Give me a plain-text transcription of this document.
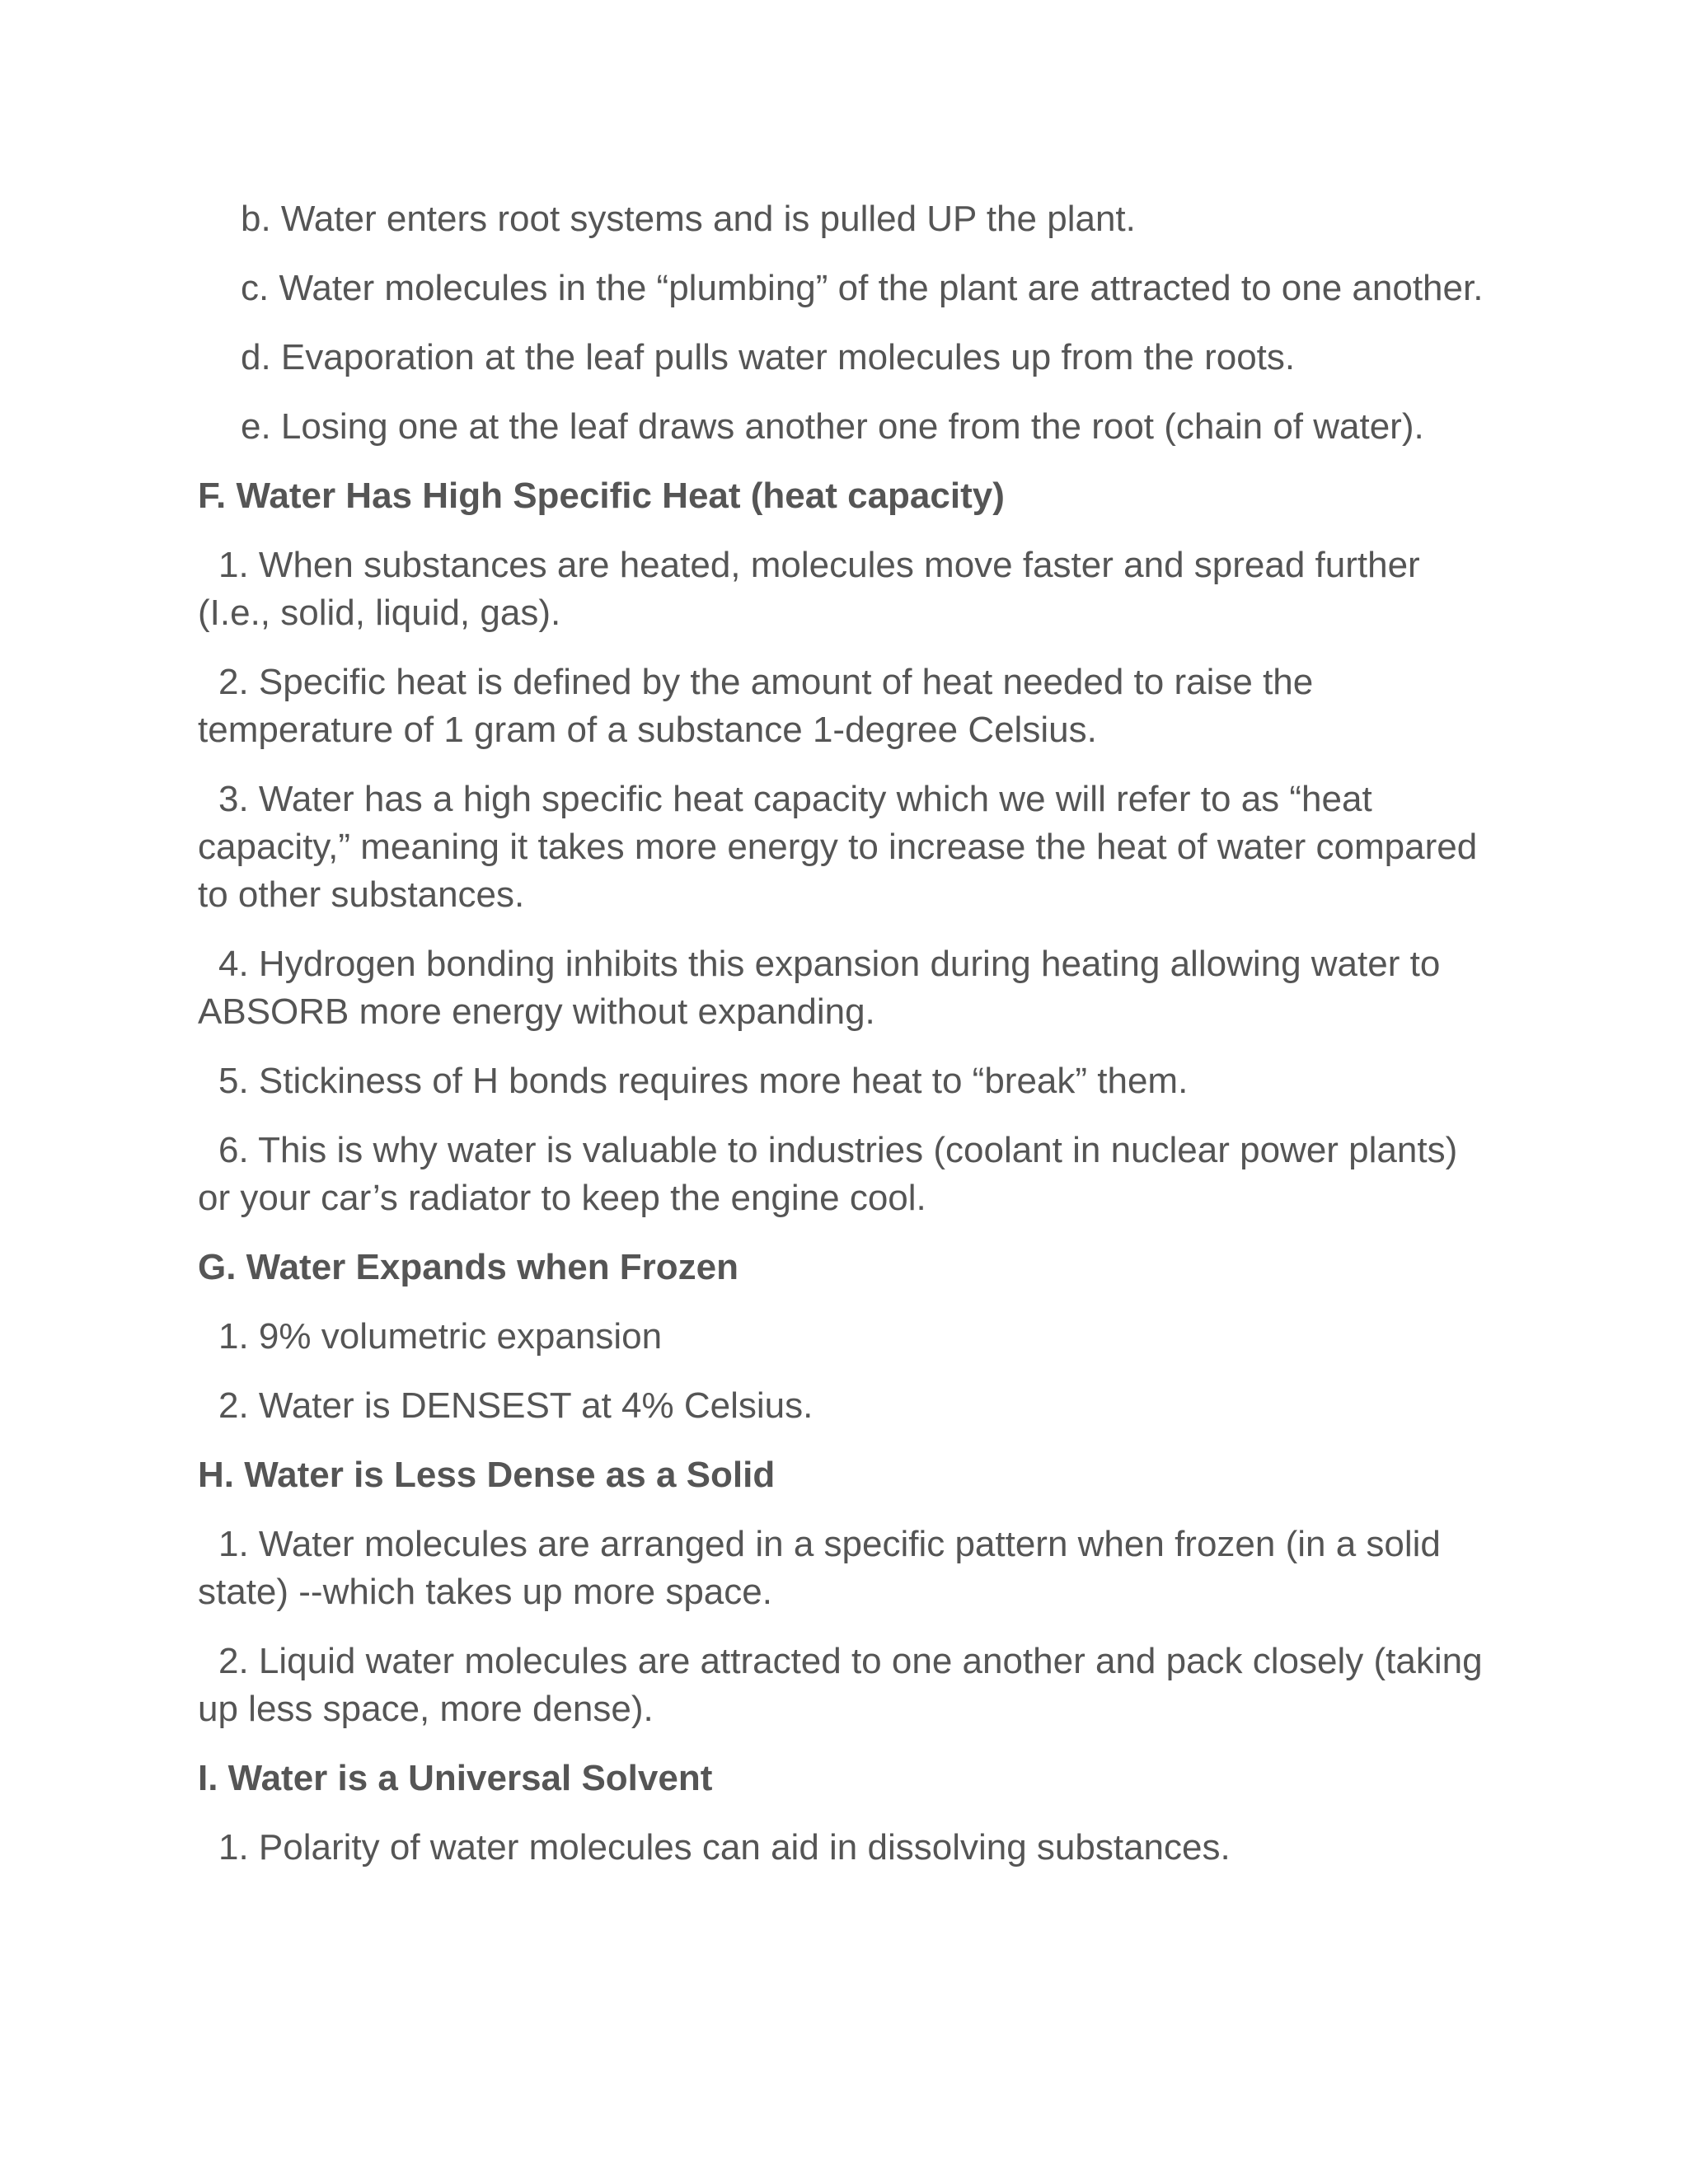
b. Water enters root systems and is pulled UP the plant.

c. Water molecules in the “plumbing” of the plant are attracted to one another.

d. Evaporation at the leaf pulls water molecules up from the roots.

e. Losing one at the leaf draws another one from the root (chain of water).

F. Water Has High Specific Heat (heat capacity)

1. When substances are heated, molecules move faster and spread further (I.e., solid, liquid, gas).

2. Specific heat is defined by the amount of heat needed to raise the temperature of 1 gram of a substance 1-degree Celsius.

3. Water has a high specific heat capacity which we will refer to as “heat capacity,” meaning it takes more energy to increase the heat of water compared to other substances.

4. Hydrogen bonding inhibits this expansion during heating allowing water to ABSORB more energy without expanding.

5. Stickiness of H bonds requires more heat to “break” them.

6. This is why water is valuable to industries (coolant in nuclear power plants) or your car’s radiator to keep the engine cool.

G. Water Expands when Frozen

1. 9% volumetric expansion

2. Water is DENSEST at 4% Celsius.

H. Water is Less Dense as a Solid

1. Water molecules are arranged in a specific pattern when frozen (in a solid state) --which takes up more space.

2. Liquid water molecules are attracted to one another and pack closely (taking up less space, more dense).

I. Water is a Universal Solvent

1. Polarity of water molecules can aid in dissolving substances.
